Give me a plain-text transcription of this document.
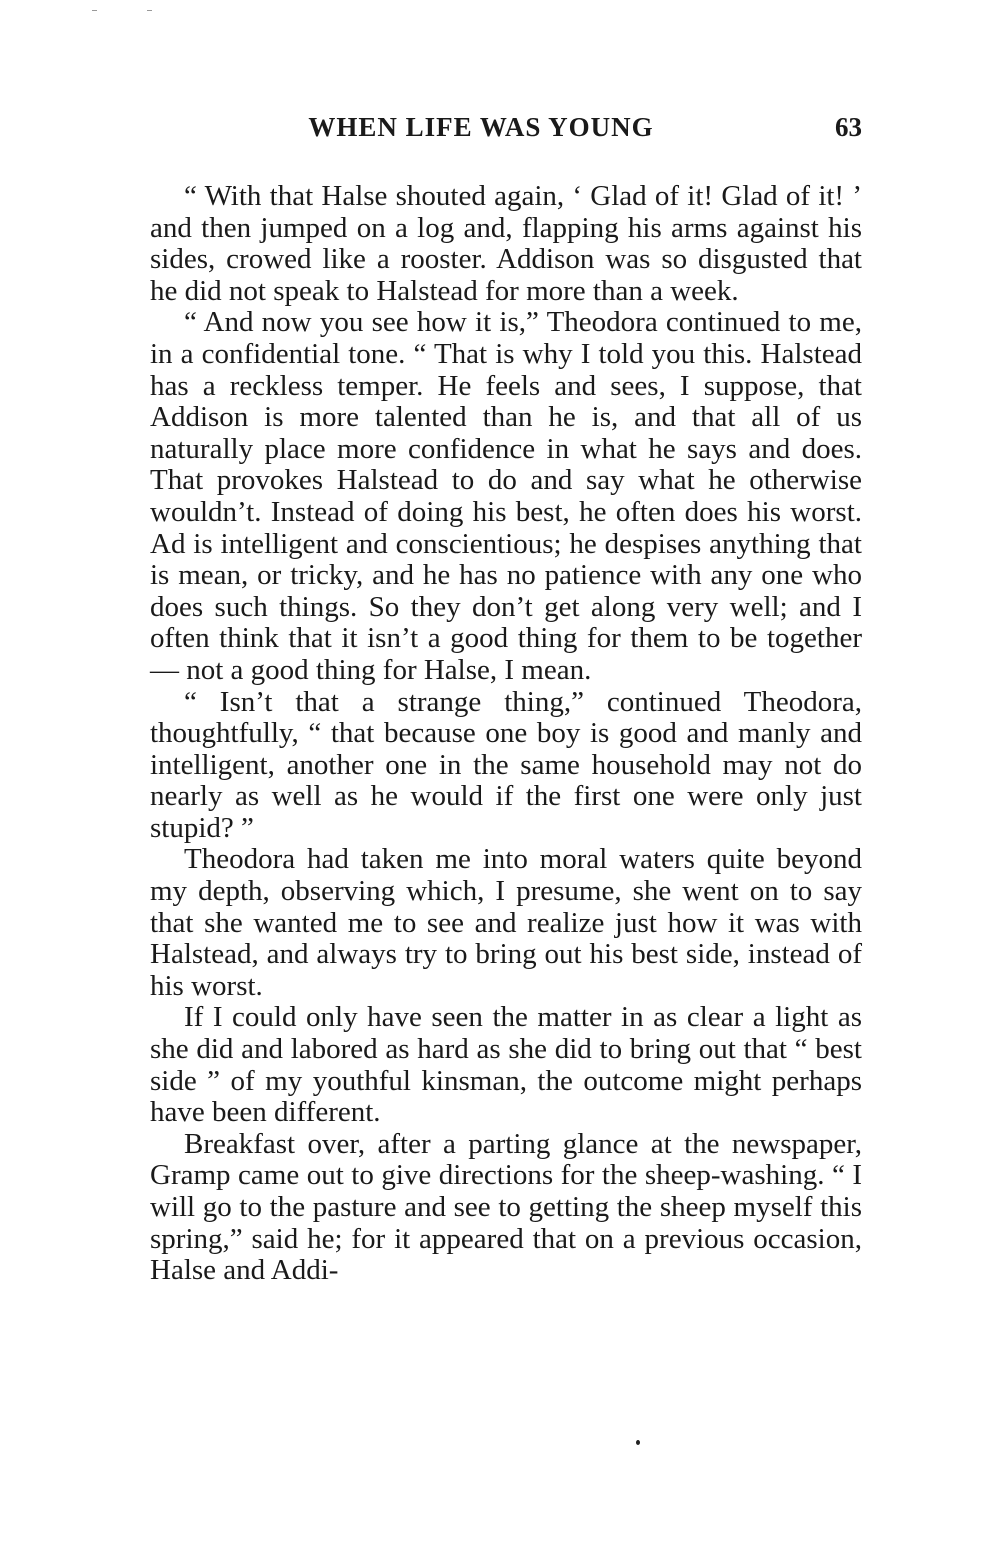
WHEN LIFE WAS YOUNG	63

“ With that Halse shouted again, ‘ Glad of it! Glad of it! ’ and then jumped on a log and, flapping his arms against his sides, crowed like a rooster. Addison was so disgusted that he did not speak to Halstead for more than a week.

“ And now you see how it is,” Theodora continued to me, in a confidential tone. “ That is why I told you this. Halstead has a reckless temper. He feels and sees, I suppose, that Addison is more talented than he is, and that all of us naturally place more confidence in what he says and does. That provokes Halstead to do and say what he otherwise wouldn’t. Instead of doing his best, he often does his worst. Ad is intelligent and conscientious; he despises anything that is mean, or tricky, and he has no patience with any one who does such things. So they don’t get along very well; and I often think that it isn’t a good thing for them to be together — not a good thing for Halse, I mean.

“ Isn’t that a strange thing,” continued Theodora, thoughtfully, “ that because one boy is good and manly and intelligent, another one in the same household may not do nearly as well as he would if the first one were only just stupid? ”

Theodora had taken me into moral waters quite beyond my depth, observing which, I presume, she went on to say that she wanted me to see and realize just how it was with Halstead, and always try to bring out his best side, instead of his worst.

If I could only have seen the matter in as clear a light as she did and labored as hard as she did to bring out that “ best side ” of my youthful kinsman, the outcome might perhaps have been different.

Breakfast over, after a parting glance at the newspaper, Gramp came out to give directions for the sheep-washing. “ I will go to the pasture and see to getting the sheep myself this spring,” said he; for it appeared that on a previous occasion, Halse and Addi-
